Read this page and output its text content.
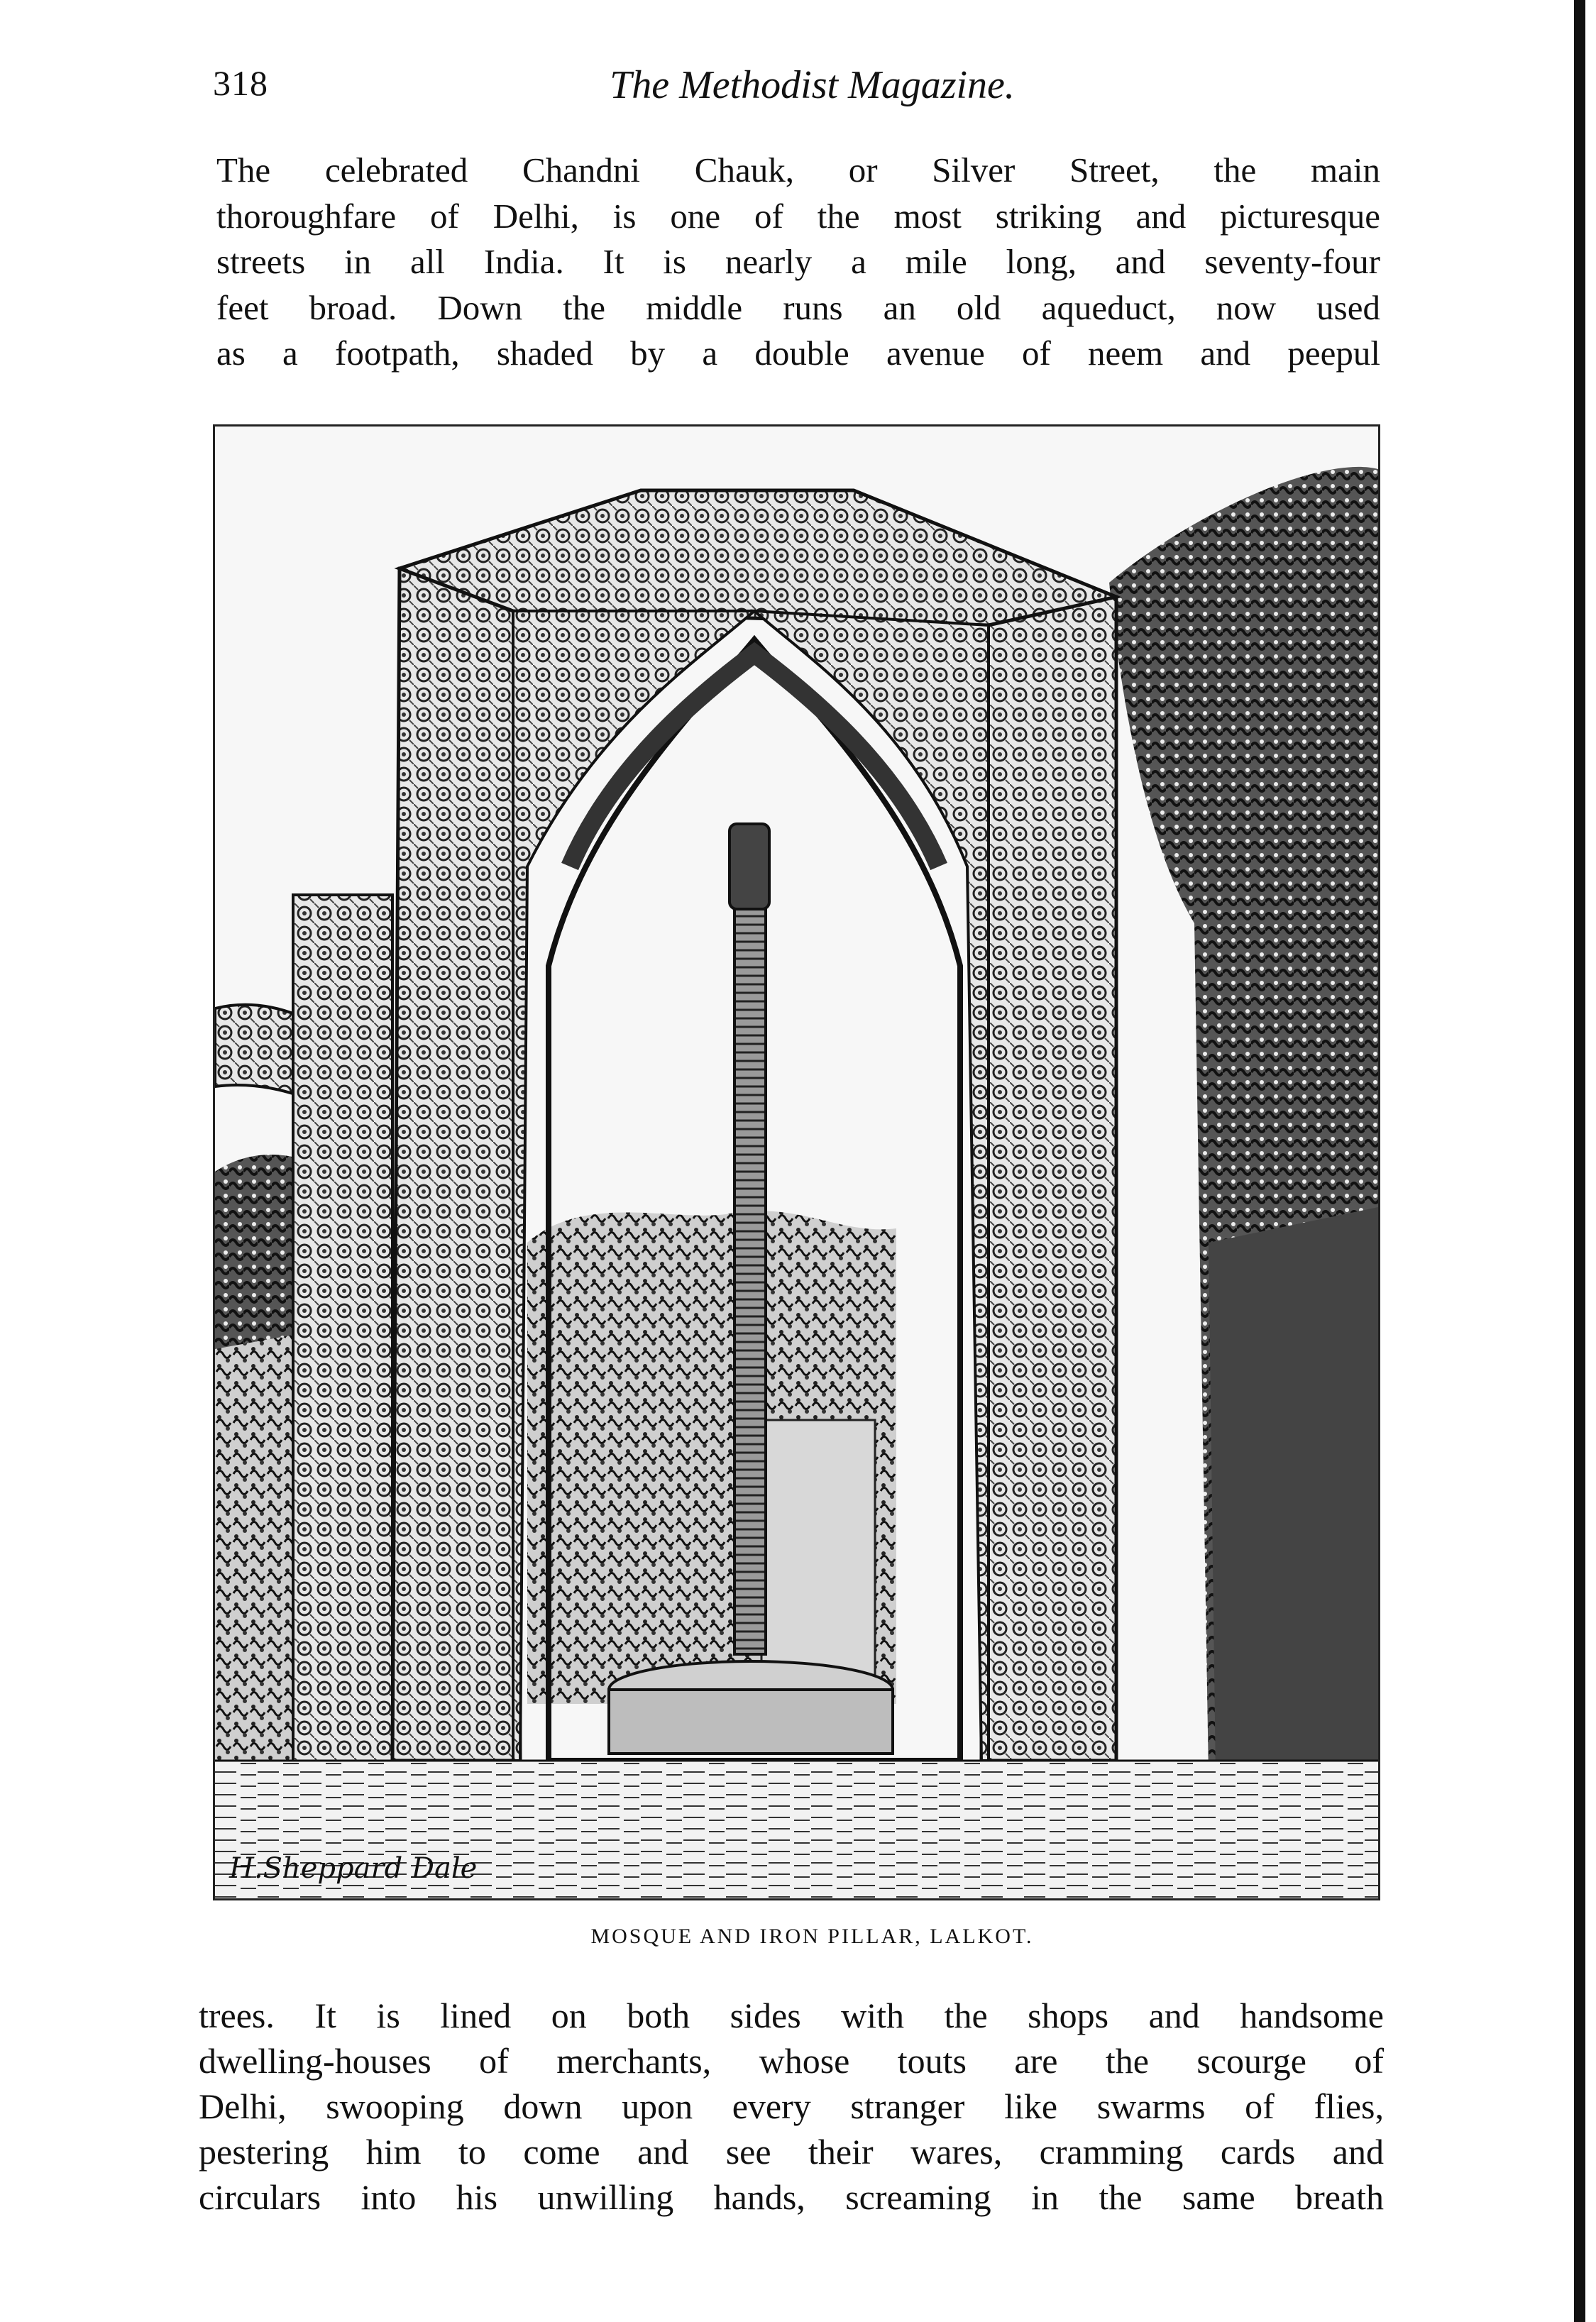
318	The Methodist Magazine.

The celebrated Chandni Chauk, or Silver Street, the main
thoroughfare of Delhi, is one of the most striking and picturesque
streets in all India. It is nearly a mile long, and seventy-four
feet broad. Down the middle runs an old aqueduct, now used
as a footpath, shaded by a double avenue of neem and peepul

H.Sheppard Dale
MOSQUE AND IRON PILLAR, LALKOT.

trees. It is lined on both sides with the shops and handsome
dwelling-houses of merchants, whose touts are the scourge of
Delhi, swooping down upon every stranger like swarms of flies,
pestering him to come and see their wares, cramming cards and
circulars into his unwilling hands, screaming in the same breath
